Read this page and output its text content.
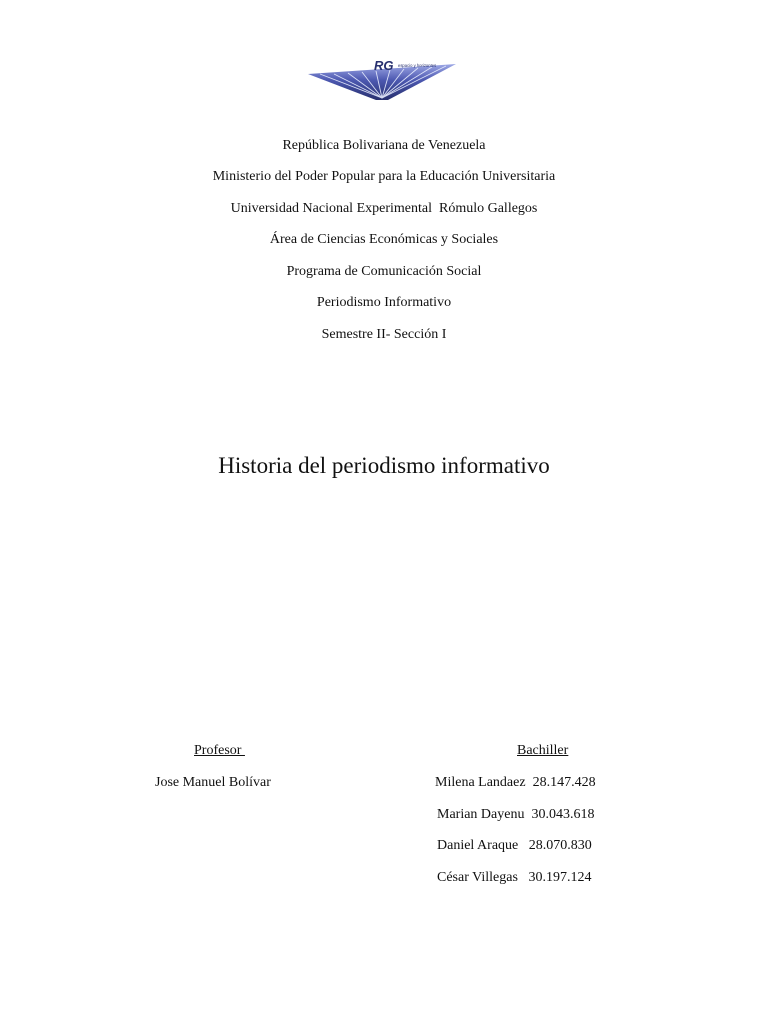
RG espacio y horizontes
República Bolivariana de Venezuela
Ministerio del Poder Popular para la Educación Universitaria
Universidad Nacional Experimental  Rómulo Gallegos
Área de Ciencias Económicas y Sociales
Programa de Comunicación Social
Periodismo Informativo
Semestre II- Sección I
Historia del periodismo informativo
Profesor
Jose Manuel Bolívar
Bachiller
Milena Landaez  28.147.428
Marian Dayenu  30.043.618
Daniel Araque   28.070.830
César Villegas   30.197.124
